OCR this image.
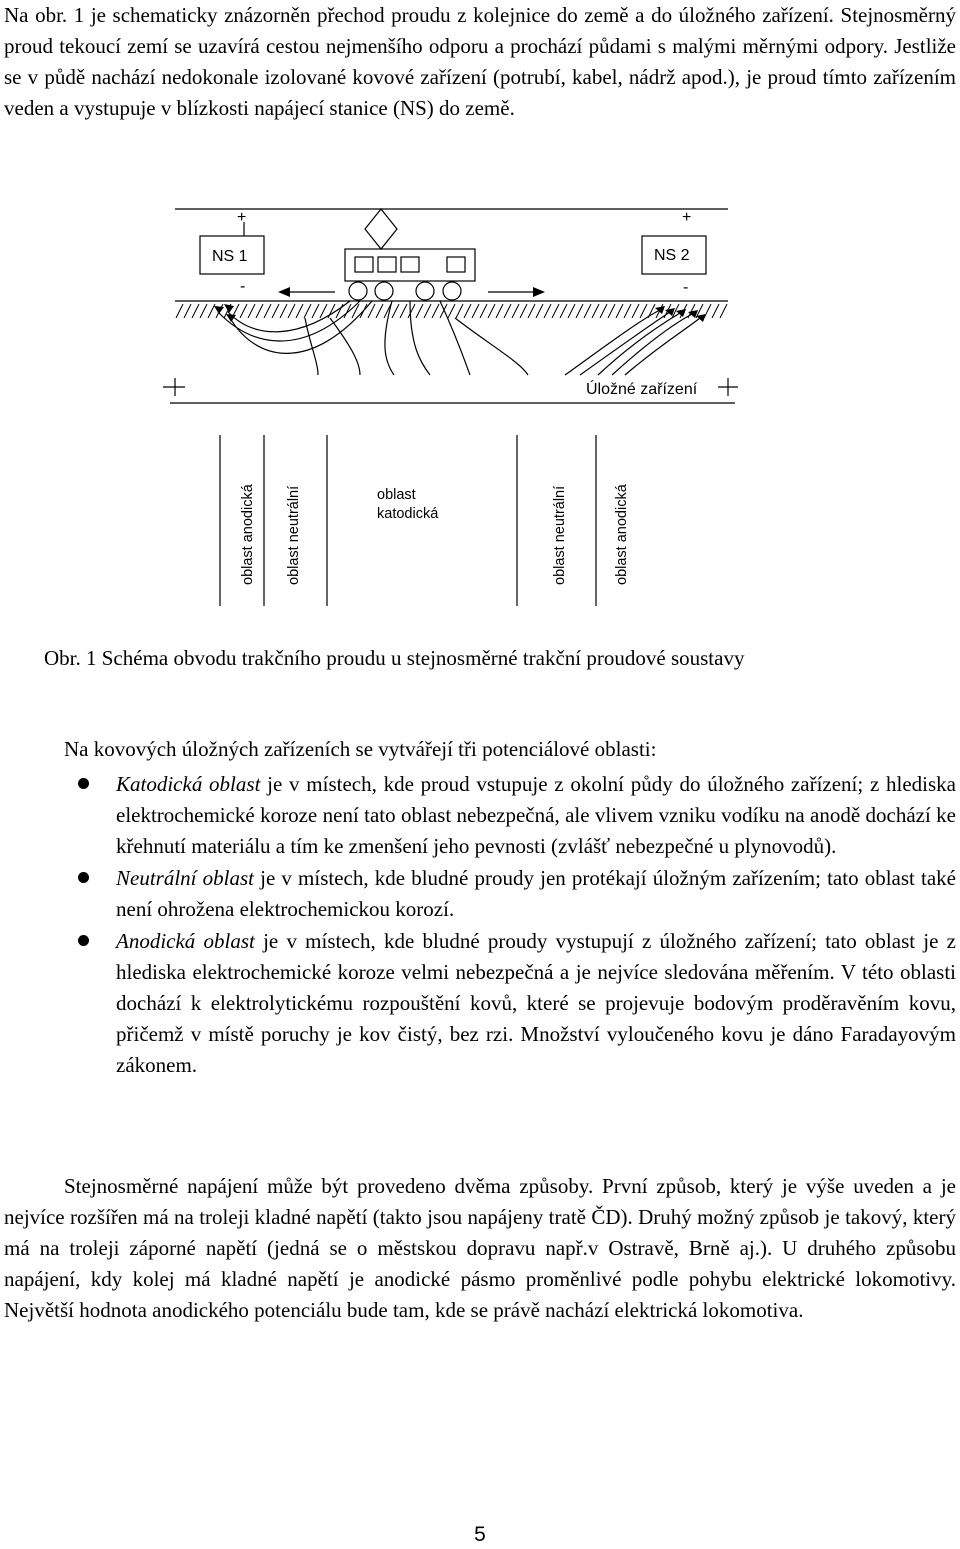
Na obr. 1 je schematicky znázorněn přechod proudu z kolejnice do země a do úložného zařízení. Stejnosměrný proud tekoucí zemí se uzavírá cestou nejmenšího odporu a prochází půdami s malými měrnými odpory. Jestliže se v půdě nachází nedokonale izolované kovové zařízení (potrubí, kabel, nádrž apod.), je proud tímto zařízením veden a vystupuje v blízkosti napájecí stanice (NS) do země.

+	+
NS 1	NS 2
-	-
Úložné zařízení
oblast anodická oblast neutrální	oblast
katodická	oblast neutrální	oblast anodická

Obr. 1 Schéma obvodu trakčního proudu u stejnosměrné trakční proudové soustavy

Na kovových úložných zařízeních se vytvářejí tři potenciálové oblasti:

Katodická oblast je v místech, kde proud vstupuje z okolní půdy do úložného zařízení; z hlediska elektrochemické koroze není tato oblast nebezpečná, ale vlivem vzniku vodíku na anodě dochází ke křehnutí materiálu a tím ke zmenšení jeho pevnosti (zvlášť nebezpečné u plynovodů).
Neutrální oblast je v místech, kde bludné proudy jen protékají úložným zařízením; tato oblast také není ohrožena elektrochemickou korozí.
Anodická oblast je v místech, kde bludné proudy vystupují z úložného zařízení; tato oblast je z hlediska elektrochemické koroze velmi nebezpečná a je nejvíce sledována měřením. V této oblasti dochází k elektrolytickému rozpouštění kovů, které se projevuje bodovým proděravěním kovu, přičemž v místě poruchy je kov čistý, bez rzi. Množství vyloučeného kovu je dáno Faradayovým zákonem.

Stejnosměrné napájení může být provedeno dvěma způsoby. První způsob, který je výše uveden a je nejvíce rozšířen má na troleji kladné napětí (takto jsou napájeny tratě ČD). Druhý možný způsob je takový, který má na troleji záporné napětí (jedná se o městskou dopravu např.v Ostravě, Brně aj.). U druhého způsobu napájení, kdy kolej má kladné napětí je anodické pásmo proměnlivé podle pohybu elektrické lokomotivy. Největší hodnota anodického potenciálu bude tam, kde se právě nachází elektrická lokomotiva.

5
